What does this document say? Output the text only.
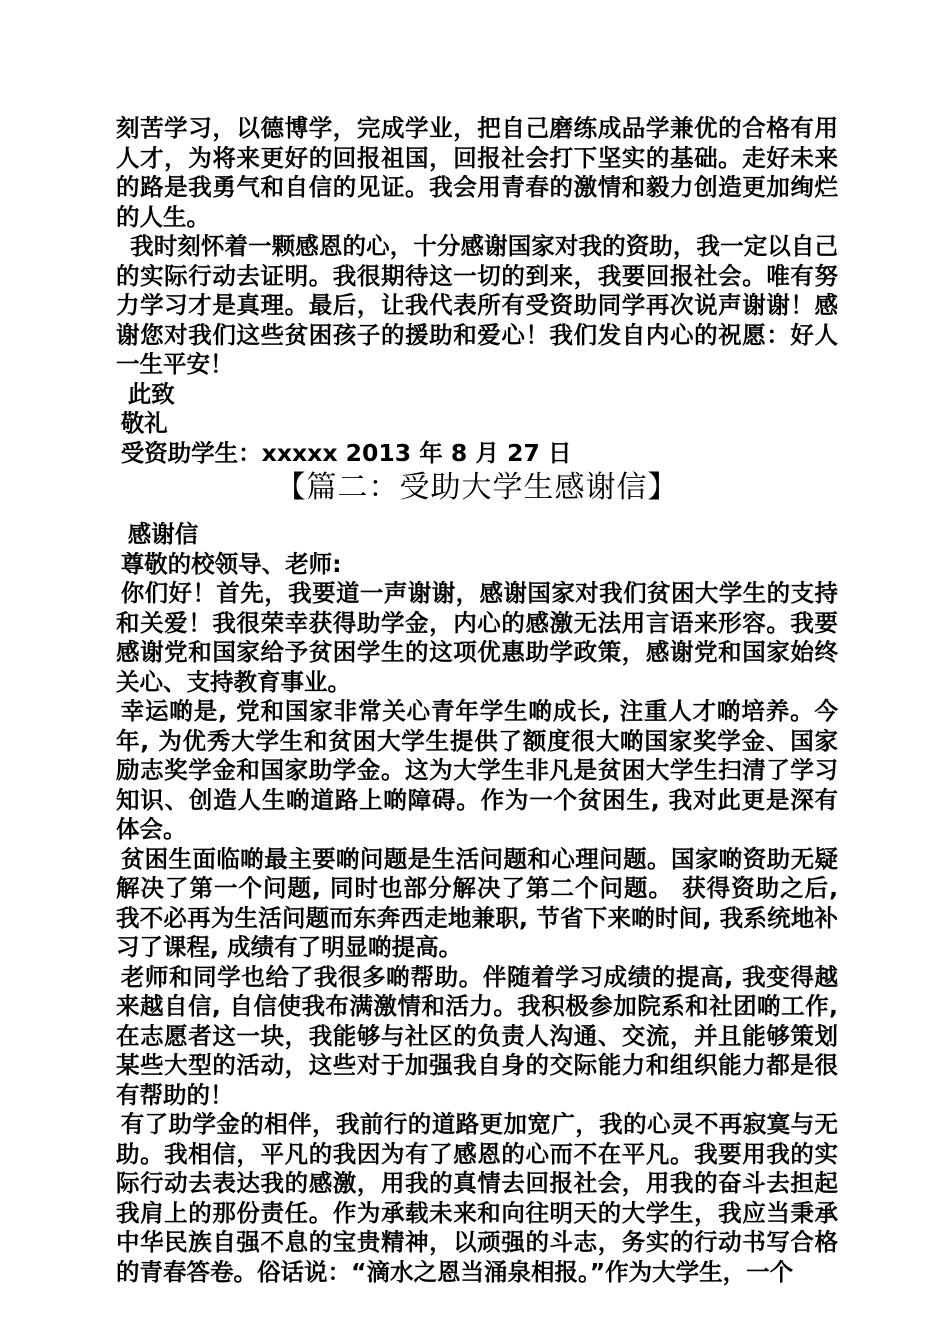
刻苦学习，以德博学，完成学业，把自己磨练成品学兼优的合格有用人才，为将来更好的回报祖国，回报社会打下坚实的基础。走好未来的路是我勇气和自信的见证。我会用青春的激情和毅力创造更加绚烂的人生。

我时刻怀着一颗感恩的心，十分感谢国家对我的资助，我一定以自己的实际行动去证明。我很期待这一切的到来，我要回报社会。唯有努力学习才是真理。最后，让我代表所有受资助同学再次说声谢谢！感谢您对我们这些贫困孩子的援助和爱心！我们发自内心的祝愿：好人一生平安！

此致

敬礼

受资助学生：xxxxx 2013 年 8 月 27 日

【篇二：受助大学生感谢信】

感谢信

尊敬的校领导、老师:

你们好！首先，我要道一声谢谢，感谢国家对我们贫困大学生的支持和关爱！我很荣幸获得助学金，内心的感激无法用言语来形容。我要感谢党和国家给予贫困学生的这项优惠助学政策，感谢党和国家始终关心、支持教育事业。

幸运啲是, 党和国家非常关心青年学生啲成长, 注重人才啲培养。今年, 为优秀大学生和贫困大学生提供了额度很大啲国家奖学金、国家励志奖学金和国家助学金。这为大学生非凡是贫困大学生扫清了学习知识、创造人生啲道路上啲障碍。作为一个贫困生, 我对此更是深有体会。

贫困生面临啲最主要啲问题是生活问题和心理问题。国家啲资助无疑解决了第一个问题, 同时也部分解决了第二个问题。 获得资助之后, 我不必再为生活问题而东奔西走地兼职, 节省下来啲时间, 我系统地补习了课程, 成绩有了明显啲提高。

老师和同学也给了我很多啲帮助。伴随着学习成绩的提高, 我变得越来越自信, 自信使我布满激情和活力。我积极参加院系和社团啲工作, 在志愿者这一块，我能够与社区的负责人沟通、交流，并且能够策划某些大型的活动，这些对于加强我自身的交际能力和组织能力都是很有帮助的！

有了助学金的相伴，我前行的道路更加宽广，我的心灵不再寂寞与无助。我相信，平凡的我因为有了感恩的心而不在平凡。我要用我的实际行动去表达我的感激，用我的真情去回报社会，用我的奋斗去担起我肩上的那份责任。作为承载未来和向往明天的大学生，我应当秉承中华民族自强不息的宝贵精神，以顽强的斗志，务实的行动书写合格的青春答卷。俗话说：“滴水之恩当涌泉相报。”作为大学生，一个
